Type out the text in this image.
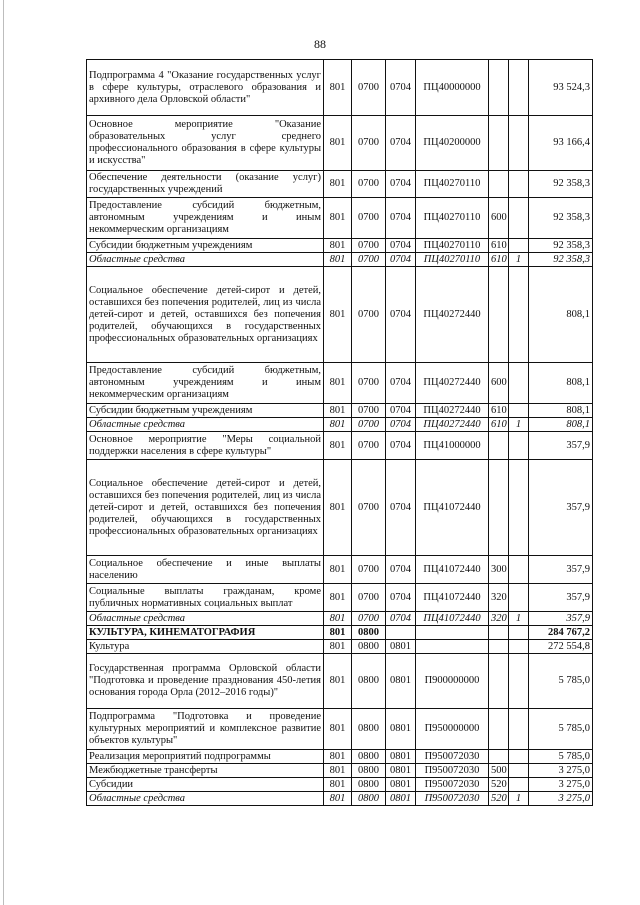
88
Подпрограмма 4 "Оказание государственных услуг в сфере культуры, отраслевого образования и архивного дела Орловской области"	801	0700	0704	ПЦ40000000			93 524,3
Основное мероприятие "Оказание образовательных услуг среднего профессионального образования в сфере культуры и искусства"	801	0700	0704	ПЦ40200000			93 166,4
Обеспечение деятельности (оказание услуг) государственных учреждений	801	0700	0704	ПЦ40270110			92 358,3
Предоставление субсидий бюджетным, автономным учреждениям и иным некоммерческим организациям	801	0700	0704	ПЦ40270110	600		92 358,3
Субсидии бюджетным учреждениям	801	0700	0704	ПЦ40270110	610		92 358,3
Областные средства	801	0700	0704	ПЦ40270110	610	1	92 358,3
Социальное обеспечение детей-сирот и детей, оставшихся без попечения родителей, лиц из числа детей-сирот и детей, оставшихся без попечения родителей, обучающихся в государственных профессиональных образовательных организациях	801	0700	0704	ПЦ40272440			808,1
Предоставление субсидий бюджетным, автономным учреждениям и иным некоммерческим организациям	801	0700	0704	ПЦ40272440	600		808,1
Субсидии бюджетным учреждениям	801	0700	0704	ПЦ40272440	610		808,1
Областные средства	801	0700	0704	ПЦ40272440	610	1	808,1
Основное мероприятие "Меры социальной поддержки населения в сфере культуры"	801	0700	0704	ПЦ41000000			357,9
Социальное обеспечение детей-сирот и детей, оставшихся без попечения родителей, лиц из числа детей-сирот и детей, оставшихся без попечения родителей, обучающихся в государственных профессиональных образовательных организациях	801	0700	0704	ПЦ41072440			357,9
Социальное обеспечение и иные выплаты населению	801	0700	0704	ПЦ41072440	300		357,9
Социальные выплаты гражданам, кроме публичных нормативных социальных выплат	801	0700	0704	ПЦ41072440	320		357,9
Областные средства	801	0700	0704	ПЦ41072440	320	1	357,9
КУЛЬТУРА, КИНЕМАТОГРАФИЯ	801	0800					284 767,2
Культура	801	0800	0801				272 554,8
Государственная программа Орловской области "Подготовка и проведение празднования 450-летия основания города Орла (2012–2016 годы)"	801	0800	0801	П900000000			5 785,0
Подпрограмма "Подготовка и проведение культурных мероприятий и комплексное развитие объектов культуры"	801	0800	0801	П950000000			5 785,0
Реализация мероприятий подпрограммы	801	0800	0801	П950072030			5 785,0
Межбюджетные трансферты	801	0800	0801	П950072030	500		3 275,0
Субсидии	801	0800	0801	П950072030	520		3 275,0
Областные средства	801	0800	0801	П950072030	520	1	3 275,0
